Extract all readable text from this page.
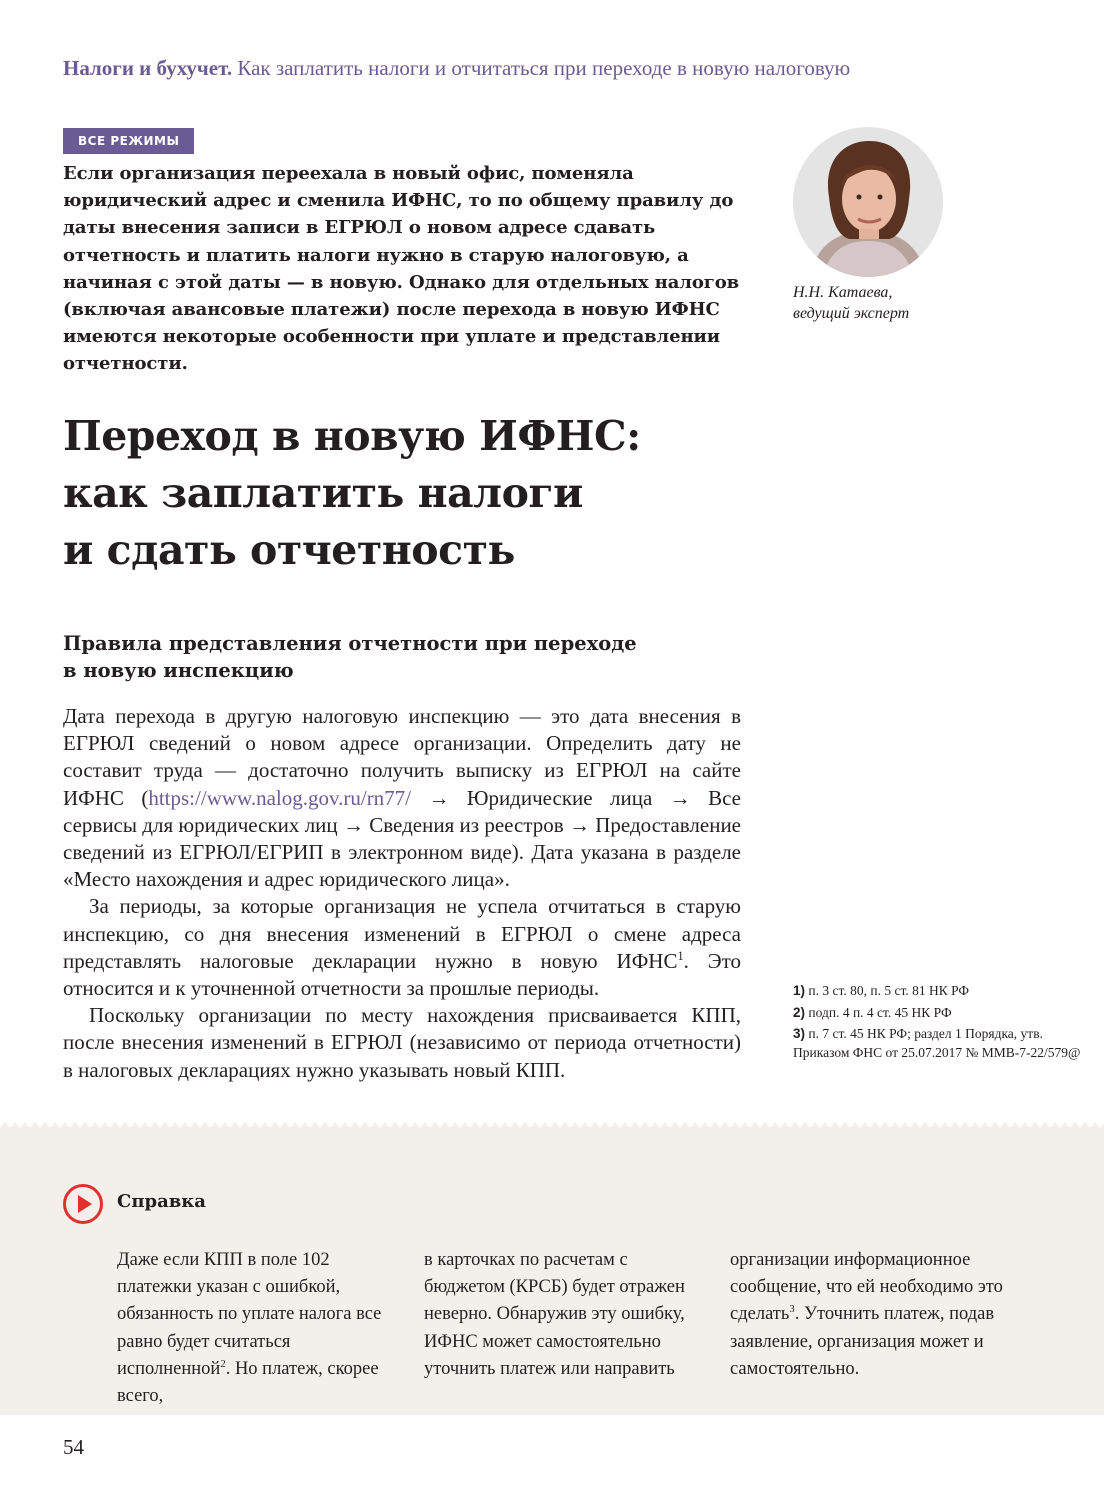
Налоги и бухучет. Как заплатить налоги и отчитаться при переходе в новую налоговую
ВСЕ РЕЖИМЫ
Если организация переехала в новый офис, поменяла юридический адрес и сменила ИФНС, то по общему правилу до даты внесения записи в ЕГРЮЛ о новом адресе сдавать отчетность и платить налоги нужно в старую налоговую, а начиная с этой даты — в новую. Однако для отдельных налогов (включая авансовые платежи) после перехода в новую ИФНС имеются некоторые особенности при уплате и представлении отчетности.
Н.Н. Катаева,
ведущий эксперт
Переход в новую ИФНС:
как заплатить налоги
и сдать отчетность
Правила представления отчетности при переходе
в новую инспекцию

Дата перехода в другую налоговую инспекцию — это дата внесения в ЕГРЮЛ сведений о новом адресе организации. Определить дату не составит труда — достаточно получить выписку из ЕГРЮЛ на сайте ИФНС (https://www.nalog.gov.ru/rn77/ → Юридические лица → Все сервисы для юридических лиц → Сведения из реестров → Предоставление сведений из ЕГРЮЛ/ЕГРИП в электронном виде). Дата указана в разделе «Место нахождения и адрес юридического лица».

За периоды, за которые организация не успела отчитаться в старую инспекцию, со дня внесения изменений в ЕГРЮЛ о смене адреса представлять налоговые декларации нужно в новую ИФНС$^1$. Это относится и к уточненной отчетности за прошлые периоды.

Поскольку организации по месту нахождения присваивается КПП, после внесения изменений в ЕГРЮЛ (независимо от периода отчетности) в налоговых декларациях нужно указывать новый КПП.

1) п. 3 ст. 80, п. 5 ст. 81 НК РФ
2) подп. 4 п. 4 ст. 45 НК РФ
3) п. 7 ст. 45 НК РФ; раздел 1 Порядка, утв. Приказом ФНС от 25.07.2017 № ММВ-7-22/579@
Справка
Даже если КПП в поле 102 платежки указан с ошибкой, обязанность по уплате налога все равно будет считаться исполненной$^2$. Но платеж, скорее всего,
в карточках по расчетам с бюджетом (КРСБ) будет отражен неверно. Обнаружив эту ошибку, ИФНС может самостоятельно уточнить платеж или направить
организации информационное сообщение, что ей необходимо это сделать$^3$. Уточнить платеж, подав заявление, организация может и самостоятельно.
54
